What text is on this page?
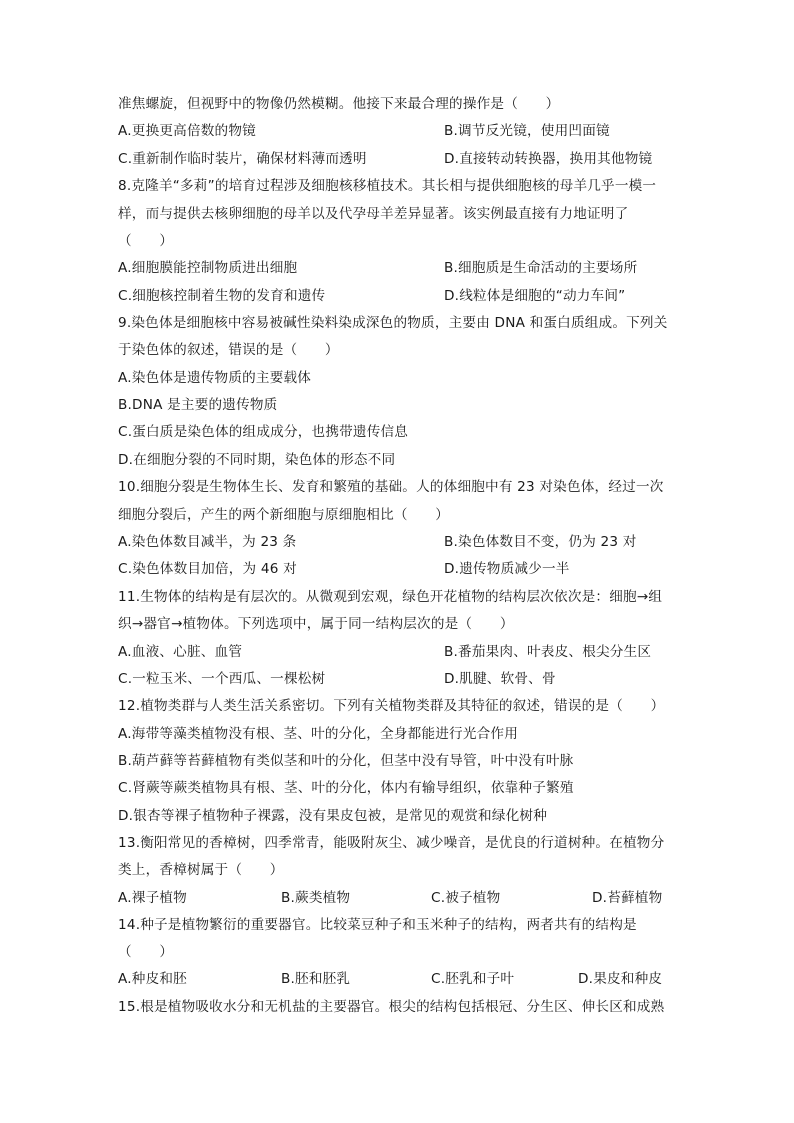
准焦螺旋，但视野中的物像仍然模糊。他接下来最合理的操作是（　　）
A.更换更高倍数的物镜	B.调节反光镜，使用凹面镜
C.重新制作临时装片，确保材料薄而透明	D.直接转动转换器，换用其他物镜
8.克隆羊“多莉”的培育过程涉及细胞核移植技术。其长相与提供细胞核的母羊几乎一模一
样，而与提供去核卵细胞的母羊以及代孕母羊差异显著。该实例最直接有力地证明了
（　　）
A.细胞膜能控制物质进出细胞	B.细胞质是生命活动的主要场所
C.细胞核控制着生物的发育和遗传	D.线粒体是细胞的“动力车间”
9.染色体是细胞核中容易被碱性染料染成深色的物质，主要由 DNA 和蛋白质组成。下列关
于染色体的叙述，错误的是（　　）
A.染色体是遗传物质的主要载体
B.DNA 是主要的遗传物质
C.蛋白质是染色体的组成成分，也携带遗传信息
D.在细胞分裂的不同时期，染色体的形态不同
10.细胞分裂是生物体生长、发育和繁殖的基础。人的体细胞中有 23 对染色体，经过一次
细胞分裂后，产生的两个新细胞与原细胞相比（　　）
A.染色体数目减半，为 23 条	B.染色体数目不变，仍为 23 对
C.染色体数目加倍，为 46 对	D.遗传物质减少一半
11.生物体的结构是有层次的。从微观到宏观，绿色开花植物的结构层次依次是：细胞→组
织→器官→植物体。下列选项中，属于同一结构层次的是（　　）
A.血液、心脏、血管	B.番茄果肉、叶表皮、根尖分生区
C.一粒玉米、一个西瓜、一棵松树	D.肌腱、软骨、骨
12.植物类群与人类生活关系密切。下列有关植物类群及其特征的叙述，错误的是（　　）
A.海带等藻类植物没有根、茎、叶的分化，全身都能进行光合作用
B.葫芦藓等苔藓植物有类似茎和叶的分化，但茎中没有导管，叶中没有叶脉
C.肾蕨等蕨类植物具有根、茎、叶的分化，体内有输导组织，依靠种子繁殖
D.银杏等裸子植物种子裸露，没有果皮包被，是常见的观赏和绿化树种
13.衡阳常见的香樟树，四季常青，能吸附灰尘、减少噪音，是优良的行道树种。在植物分
类上，香樟树属于（　　）
A.裸子植物	B.蕨类植物	C.被子植物	D.苔藓植物
14.种子是植物繁衍的重要器官。比较菜豆种子和玉米种子的结构，两者共有的结构是
（　　）
A.种皮和胚	B.胚和胚乳	C.胚乳和子叶	D.果皮和种皮
15.根是植物吸收水分和无机盐的主要器官。根尖的结构包括根冠、分生区、伸长区和成熟
